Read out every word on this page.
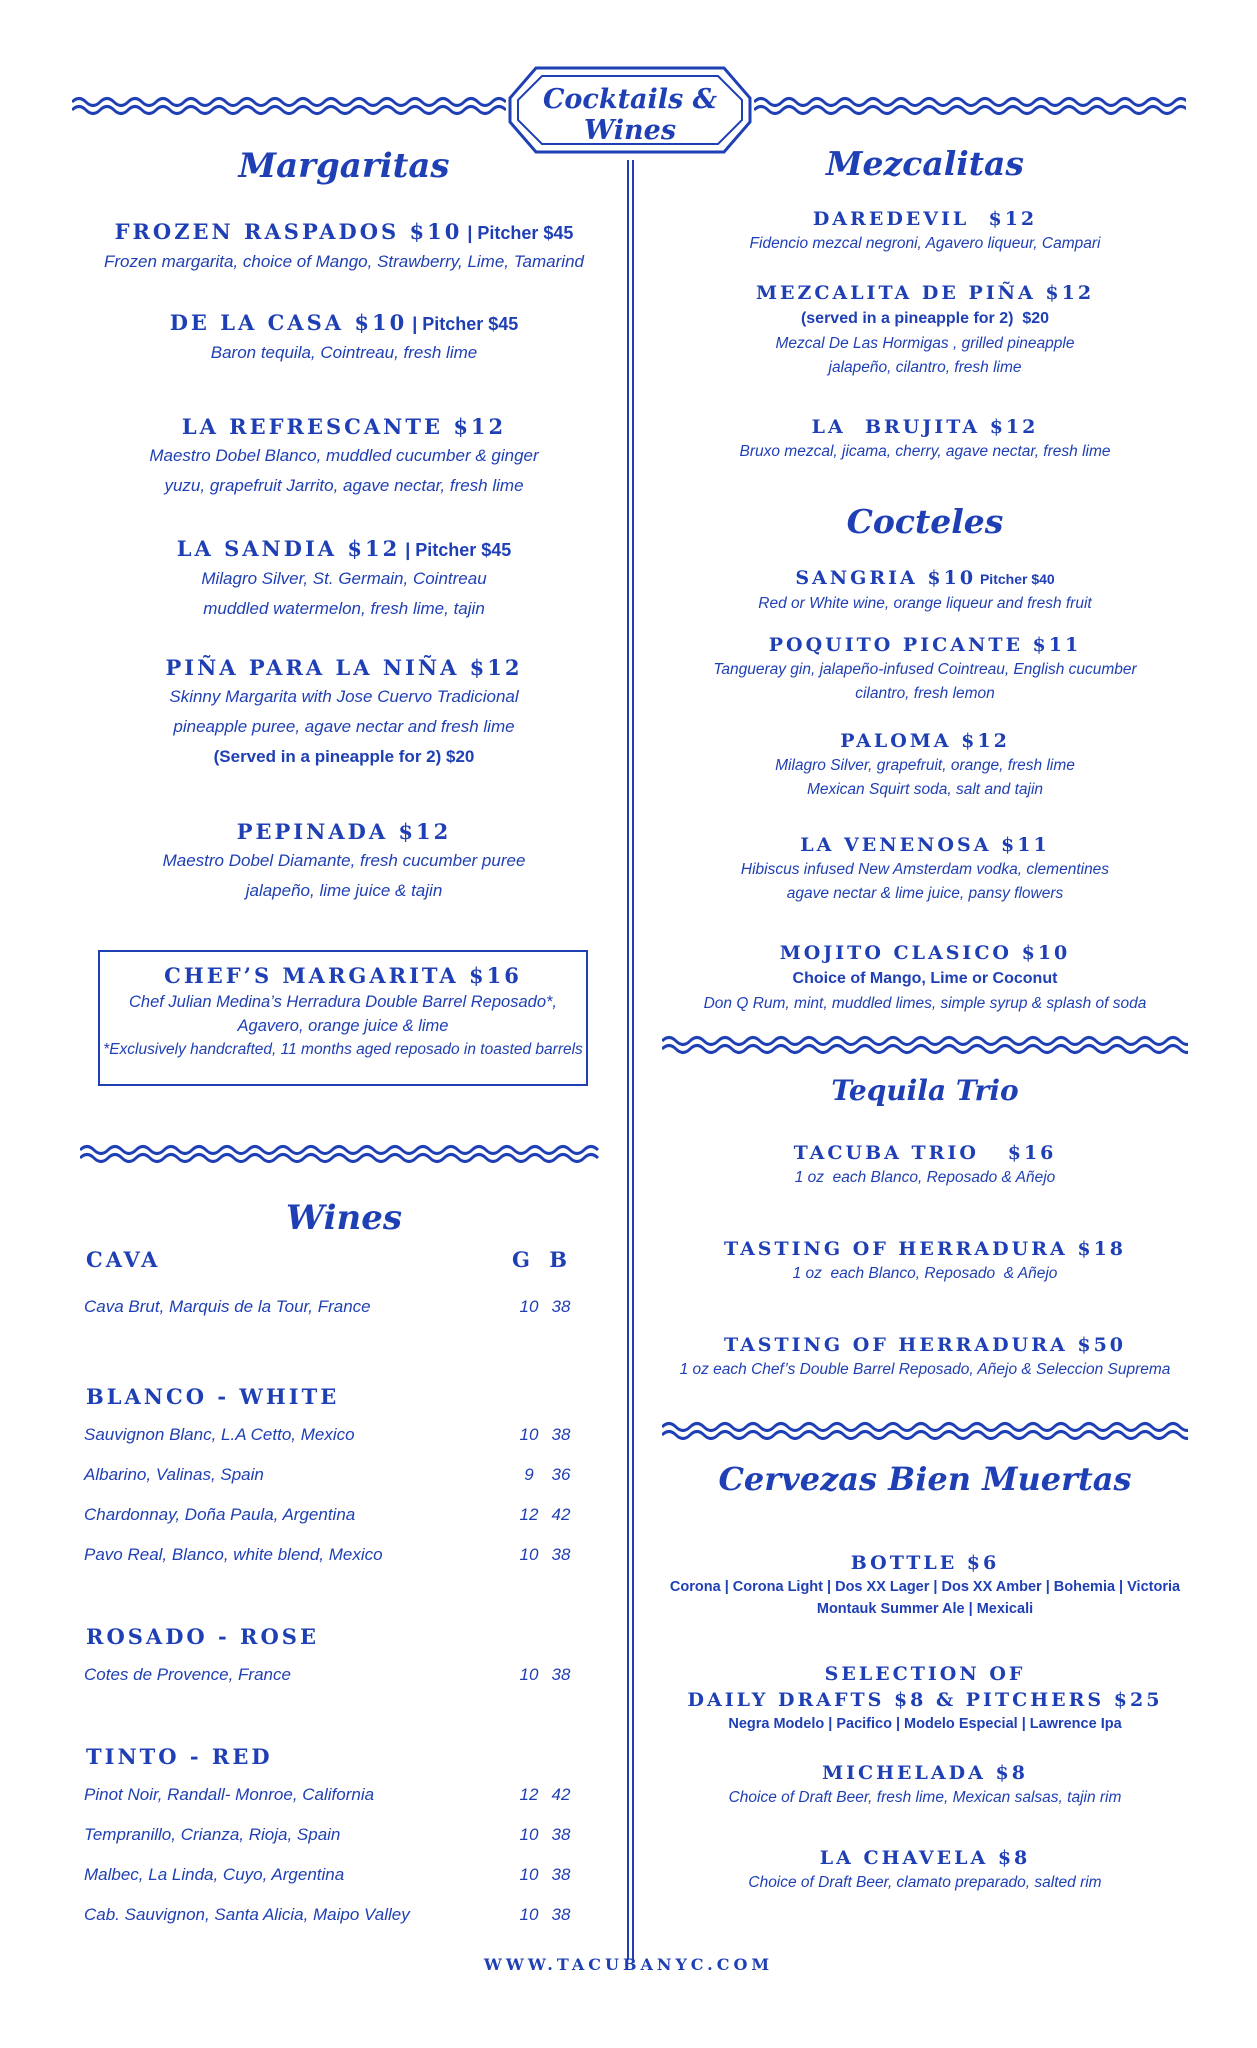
Cocktails & Wines
Margaritas
FROZEN RASPADOS $10 | Pitcher $45
Frozen margarita, choice of Mango, Strawberry, Lime, Tamarind
DE LA CASA $10 | Pitcher $45
Baron tequila, Cointreau, fresh lime
LA REFRESCANTE $12
Maestro Dobel Blanco, muddled cucumber & ginger
yuzu, grapefruit Jarrito, agave nectar, fresh lime
LA SANDIA $12 | Pitcher $45
Milagro Silver, St. Germain, Cointreau
muddled watermelon, fresh lime, tajin
PIÑA PARA LA NIÑA $12
Skinny Margarita with Jose Cuervo Tradicional
pineapple puree, agave nectar and fresh lime
(Served in a pineapple for 2) $20
PEPINADA $12
Maestro Dobel Diamante, fresh cucumber puree
jalapeño, lime juice & tajin
CHEF’S MARGARITA $16
Chef Julian Medina’s Herradura Double Barrel Reposado*,
Agavero, orange juice & lime
*Exclusively handcrafted, 11 months aged reposado in toasted barrels
Wines
G B
CAVA
Cava Brut, Marquis de la Tour, France	10 38
BLANCO - WHITE
Sauvignon Blanc, L.A Cetto, Mexico	10 38
Albarino, Valinas, Spain	9	36
Chardonnay, Doña Paula, Argentina	12 42
Pavo Real, Blanco, white blend, Mexico	10 38
ROSADO - ROSE
Cotes de Provence, France	10 38
TINTO - RED
Pinot Noir, Randall- Monroe, California	12 42
Tempranillo, Crianza, Rioja, Spain	10 38
Malbec, La Linda, Cuyo, Argentina	10 38
Cab. Sauvignon, Santa Alicia, Maipo Valley	10 38
Mezcalitas
DAREDEVIL  $12
Fidencio mezcal negroni, Agavero liqueur, Campari
MEZCALITA DE PIÑA $12
(served in a pineapple for 2)  $20
Mezcal De Las Hormigas , grilled pineapple
jalapeño, cilantro, fresh lime
LA  BRUJITA $12
Bruxo mezcal, jicama, cherry, agave nectar, fresh lime
Cocteles
SANGRIA $10 Pitcher $40
Red or White wine, orange liqueur and fresh fruit
POQUITO PICANTE $11
Tangueray gin, jalapeño-infused Cointreau, English cucumber
cilantro, fresh lemon
PALOMA $12
Milagro Silver, grapefruit, orange, fresh lime
Mexican Squirt soda, salt and tajin
LA VENENOSA $11
Hibiscus infused New Amsterdam vodka, clementines
agave nectar & lime juice, pansy flowers
MOJITO CLASICO $10
Choice of Mango, Lime or Coconut
Don Q Rum, mint, muddled limes, simple syrup & splash of soda
Tequila Trio
TACUBA TRIO   $16
1 oz  each Blanco, Reposado & Añejo
TASTING OF HERRADURA $18
1 oz  each Blanco, Reposado  & Añejo
TASTING OF HERRADURA $50
1 oz each Chef’s Double Barrel Reposado, Añejo & Seleccion Suprema
Cervezas Bien Muertas
BOTTLE $6
Corona | Corona Light | Dos XX Lager | Dos XX Amber | Bohemia | Victoria
Montauk Summer Ale | Mexicali
SELECTION OF
DAILY DRAFTS $8 & PITCHERS $25
Negra Modelo | Pacifico | Modelo Especial | Lawrence Ipa
MICHELADA $8
Choice of Draft Beer, fresh lime, Mexican salsas, tajin rim
LA CHAVELA $8
Choice of Draft Beer, clamato preparado, salted rim
WWW.TACUBANYC.COM
